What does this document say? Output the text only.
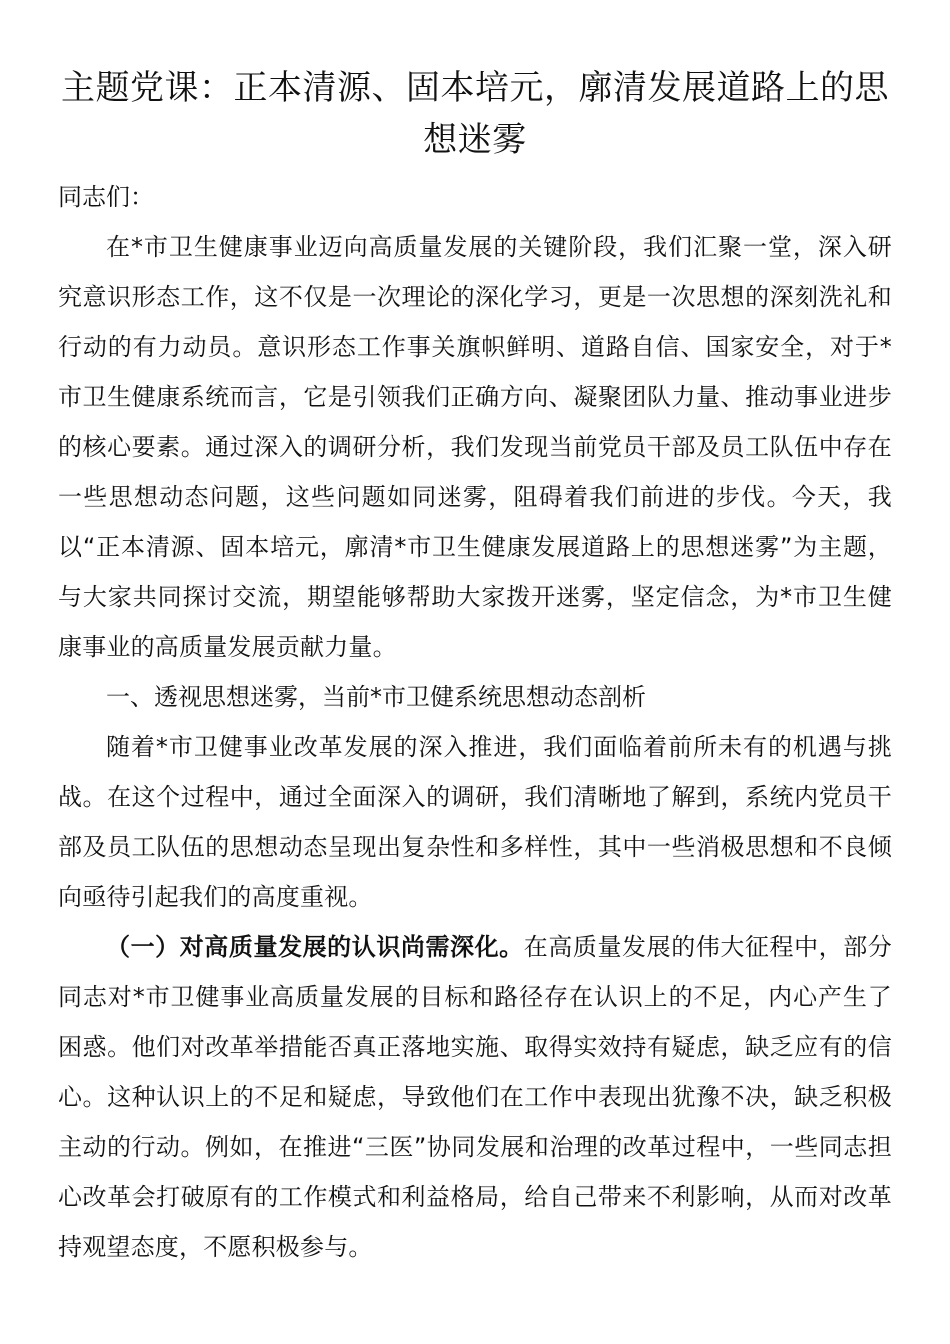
主题党课：正本清源、固本培元，廓清发展道路上的思想迷雾

同志们：

在*市卫生健康事业迈向高质量发展的关键阶段，我们汇聚一堂，深入研究意识形态工作，这不仅是一次理论的深化学习，更是一次思想的深刻洗礼和行动的有力动员。意识形态工作事关旗帜鲜明、道路自信、国家安全，对于*市卫生健康系统而言，它是引领我们正确方向、凝聚团队力量、推动事业进步的核心要素。通过深入的调研分析，我们发现当前党员干部及员工队伍中存在一些思想动态问题，这些问题如同迷雾，阻碍着我们前进的步伐。今天，我以“正本清源、固本培元，廓清*市卫生健康发展道路上的思想迷雾”为主题，与大家共同探讨交流，期望能够帮助大家拨开迷雾，坚定信念，为*市卫生健康事业的高质量发展贡献力量。

一、透视思想迷雾，当前*市卫健系统思想动态剖析

随着*市卫健事业改革发展的深入推进，我们面临着前所未有的机遇与挑战。在这个过程中，通过全面深入的调研，我们清晰地了解到，系统内党员干部及员工队伍的思想动态呈现出复杂性和多样性，其中一些消极思想和不良倾向亟待引起我们的高度重视。

（一）对高质量发展的认识尚需深化。在高质量发展的伟大征程中，部分同志对*市卫健事业高质量发展的目标和路径存在认识上的不足，内心产生了困惑。他们对改革举措能否真正落地实施、取得实效持有疑虑，缺乏应有的信心。这种认识上的不足和疑虑，导致他们在工作中表现出犹豫不决，缺乏积极主动的行动。例如，在推进“三医”协同发展和治理的改革过程中，一些同志担心改革会打破原有的工作模式和利益格局，给自己带来不利影响，从而对改革持观望态度，不愿积极参与。
